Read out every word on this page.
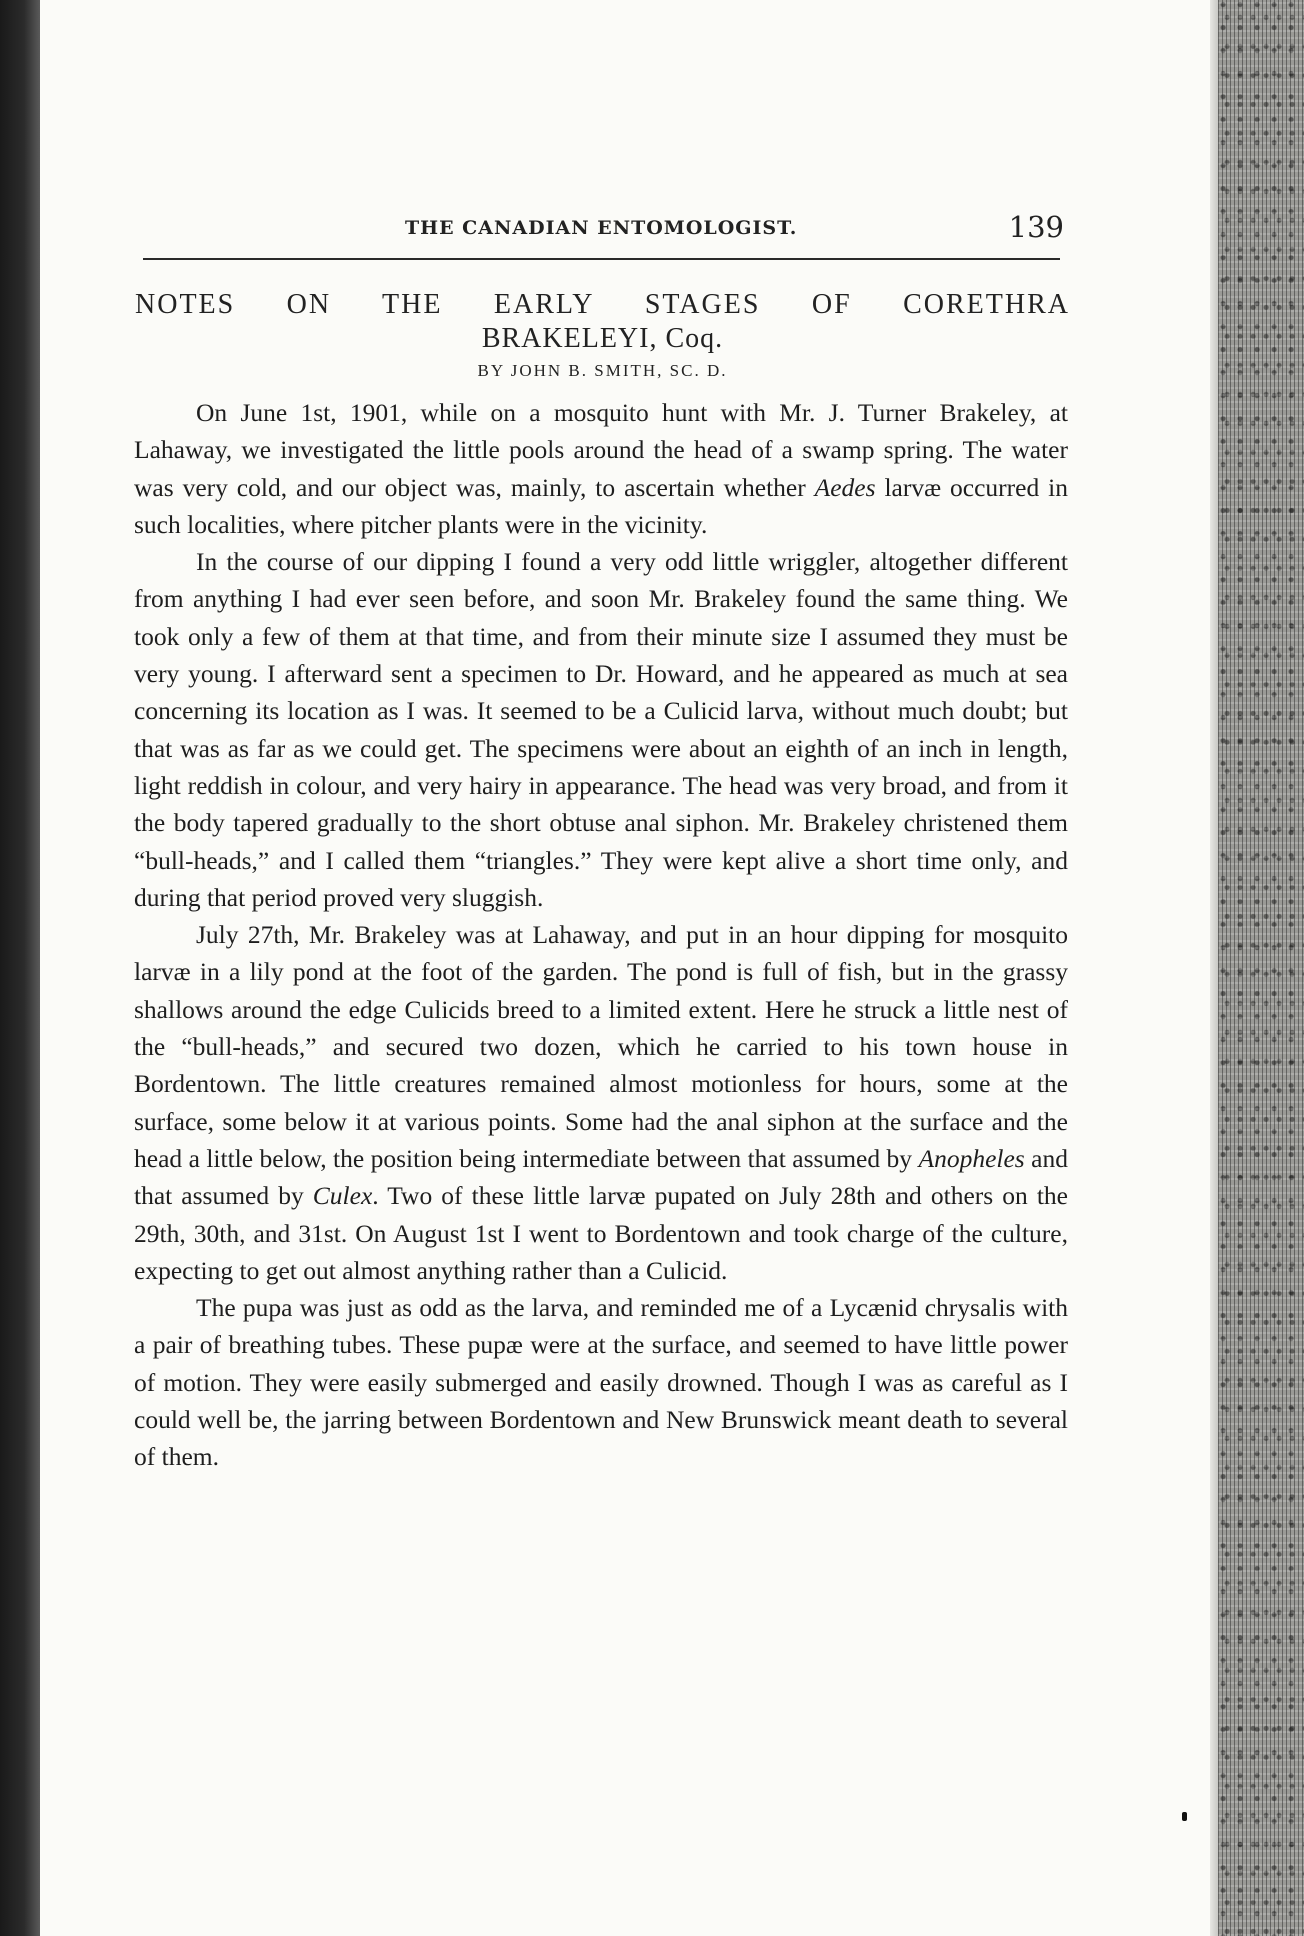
THE CANADIAN ENTOMOLOGIST.	139
NOTES ON THE EARLY STAGES OF CORETHRA
BRAKELEYI, Coq.
BY JOHN B. SMITH, SC. D.

On June 1st, 1901, while on a mosquito hunt with Mr. J. Turner Brakeley, at Lahaway, we investigated the little pools around the head of a swamp spring. The water was very cold, and our object was, mainly, to ascertain whether Aedes larvæ occurred in such localities, where pitcher plants were in the vicinity.

In the course of our dipping I found a very odd little wriggler, altogether different from anything I had ever seen before, and soon Mr. Brakeley found the same thing. We took only a few of them at that time, and from their minute size I assumed they must be very young. I afterward sent a specimen to Dr. Howard, and he appeared as much at sea concerning its location as I was. It seemed to be a Culicid larva, without much doubt; but that was as far as we could get. The specimens were about an eighth of an inch in length, light reddish in colour, and very hairy in appearance. The head was very broad, and from it the body tapered gradually to the short obtuse anal siphon. Mr. Brakeley christened them “bull-heads,” and I called them “triangles.” They were kept alive a short time only, and during that period proved very sluggish.

July 27th, Mr. Brakeley was at Lahaway, and put in an hour dipping for mosquito larvæ in a lily pond at the foot of the garden. The pond is full of fish, but in the grassy shallows around the edge Culicids breed to a limited extent. Here he struck a little nest of the “bull-heads,” and secured two dozen, which he carried to his town house in Bordentown. The little creatures remained almost motionless for hours, some at the surface, some below it at various points. Some had the anal siphon at the surface and the head a little below, the position being intermediate between that assumed by Anopheles and that assumed by Culex. Two of these little larvæ pupated on July 28th and others on the 29th, 30th, and 31st. On August 1st I went to Bordentown and took charge of the culture, expecting to get out almost anything rather than a Culicid.

The pupa was just as odd as the larva, and reminded me of a Lycænid chrysalis with a pair of breathing tubes. These pupæ were at the surface, and seemed to have little power of motion. They were easily submerged and easily drowned. Though I was as careful as I could well be, the jarring between Bordentown and New Brunswick meant death to several of them.
